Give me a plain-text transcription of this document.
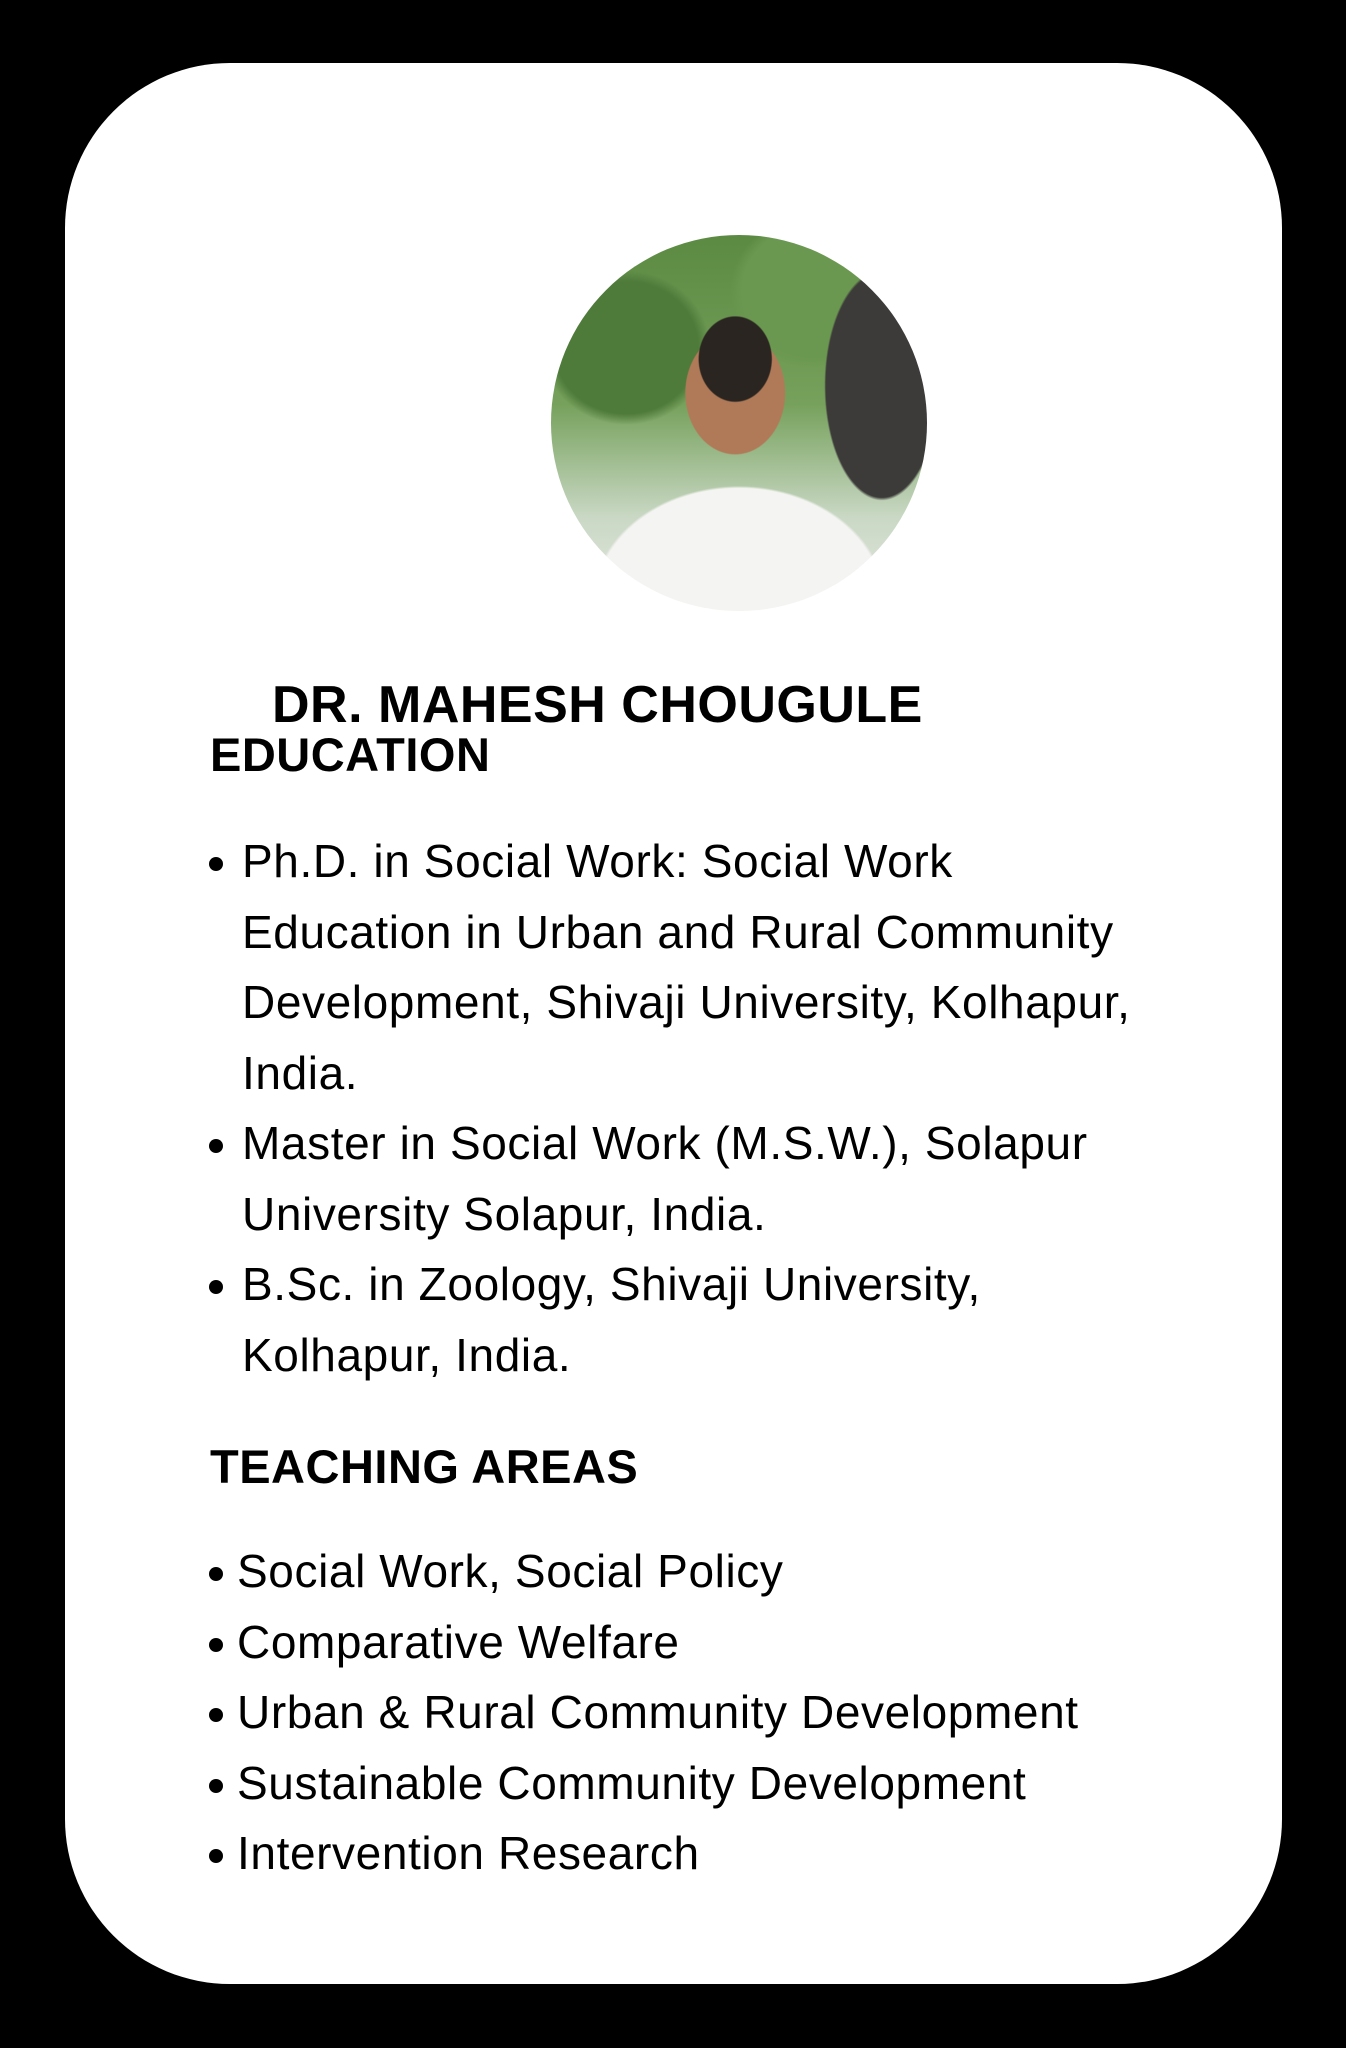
DR. MAHESH CHOUGULE
EDUCATION
Ph.D. in Social Work: Social Work Education in Urban and Rural Community Development, Shivaji University, Kolhapur, India.
Master in Social Work (M.S.W.), Solapur University Solapur, India.
B.Sc. in Zoology, Shivaji University, Kolhapur, India.
TEACHING AREAS
Social Work, Social Policy
Comparative Welfare
Urban & Rural Community Development
Sustainable Community Development
Intervention Research
